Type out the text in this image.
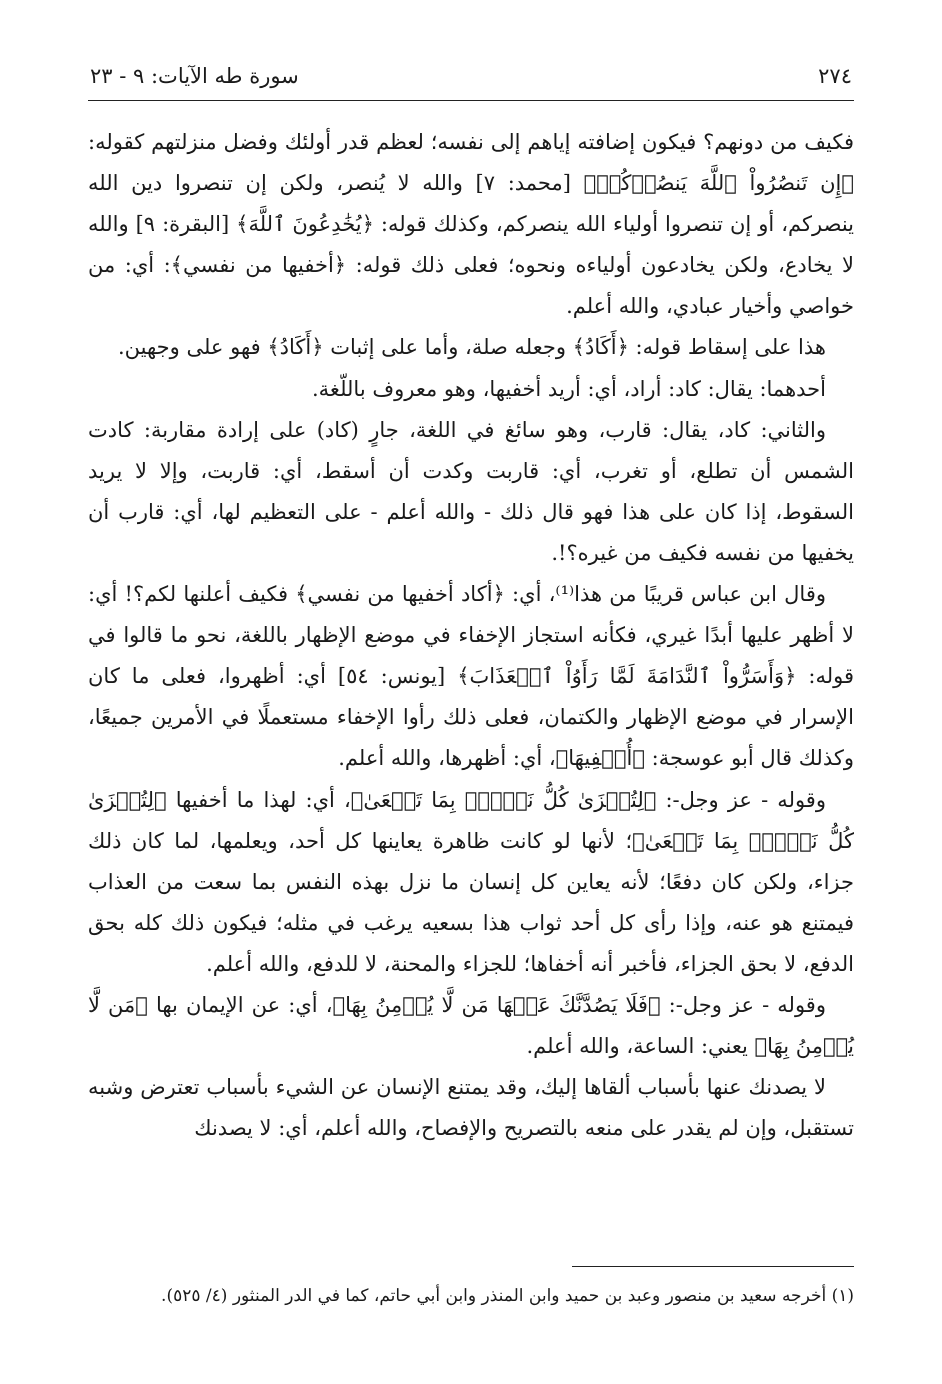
٢٧٤
سورة طه الآيات: ٩ - ٢٣

فكيف من دونهم؟ فيكون إضافته إياهم إلى نفسه؛ لعظم قدر أولئك وفضل منزلتهم كقوله: ﴿إِن تَنصُرُواْ ٱللَّهَ يَنصُرۡكُمۡ﴾ [محمد: ٧] والله لا يُنصر، ولكن إن تنصروا دين الله ينصركم، أو إن تنصروا أولياء الله ينصركم، وكذلك قوله: ﴿يُخَٰدِعُونَ ٱللَّهَ﴾ [البقرة: ٩] والله لا يخادع، ولكن يخادعون أولياءه ونحوه؛ فعلى ذلك قوله: ﴿أخفيها من نفسي﴾: أي: من خواصي وأخيار عبادي، والله أعلم.

هذا على إسقاط قوله: ﴿أَكَادُ﴾ وجعله صلة، وأما على إثبات ﴿أَكَادُ﴾ فهو على وجهين.

أحدهما: يقال: كاد: أراد، أي: أريد أخفيها، وهو معروف باللّغة.

والثاني: كاد، يقال: قارب، وهو سائغ في اللغة، جارٍ (كاد) على إرادة مقاربة: كادت الشمس أن تطلع، أو تغرب، أي: قاربت وكدت أن أسقط، أي: قاربت، وإلا لا يريد السقوط، إذا كان على هذا فهو قال ذلك - والله أعلم - على التعظيم لها، أي: قارب أن يخفيها من نفسه فكيف من غيره؟!.

وقال ابن عباس قريبًا من هذا⁽¹⁾، أي: ﴿أكاد أخفيها من نفسي﴾ فكيف أعلنها لكم؟! أي: لا أظهر عليها أبدًا غيري، فكأنه استجاز الإخفاء في موضع الإظهار باللغة، نحو ما قالوا في قوله: ﴿وَأَسَرُّواْ ٱلنَّدَامَةَ لَمَّا رَأَوُاْ ٱلۡعَذَابَ﴾ [يونس: ٥٤] أي: أظهروا، فعلى ما كان الإسرار في موضع الإظهار والكتمان، فعلى ذلك رأوا الإخفاء مستعملًا في الأمرين جميعًا، وكذلك قال أبو عوسجة: ﴿أُخۡفِيهَا﴾، أي: أظهرها، والله أعلم.

وقوله - عز وجل-: ﴿لِتُجۡزَىٰ كُلُّ نَفۡسِۭ بِمَا تَسۡعَىٰ﴾، أي: لهذا ما أخفيها ﴿لِتُجۡزَىٰ كُلُّ نَفۡسِۭ بِمَا تَسۡعَىٰ﴾؛ لأنها لو كانت ظاهرة يعاينها كل أحد، ويعلمها، لما كان ذلك جزاء، ولكن كان دفعًا؛ لأنه يعاين كل إنسان ما نزل بهذه النفس بما سعت من العذاب فيمتنع هو عنه، وإذا رأى كل أحد ثواب هذا بسعيه يرغب في مثله؛ فيكون ذلك كله بحق الدفع، لا بحق الجزاء، فأخبر أنه أخفاها؛ للجزاء والمحنة، لا للدفع، والله أعلم.

وقوله - عز وجل-: ﴿فَلَا يَصُدَّنَّكَ عَنۡهَا مَن لَّا يُؤۡمِنُ بِهَا﴾، أي: عن الإيمان بها ﴿مَن لَّا يُؤۡمِنُ بِهَا﴾ يعني: الساعة، والله أعلم.

لا يصدنك عنها بأسباب ألقاها إليك، وقد يمتنع الإنسان عن الشيء بأسباب تعترض وشبه تستقبل، وإن لم يقدر على منعه بالتصريح والإفصاح، والله أعلم، أي: لا يصدنك

(١) أخرجه سعيد بن منصور وعبد بن حميد وابن المنذر وابن أبي حاتم، كما في الدر المنثور (٤/ ٥٢٥).
